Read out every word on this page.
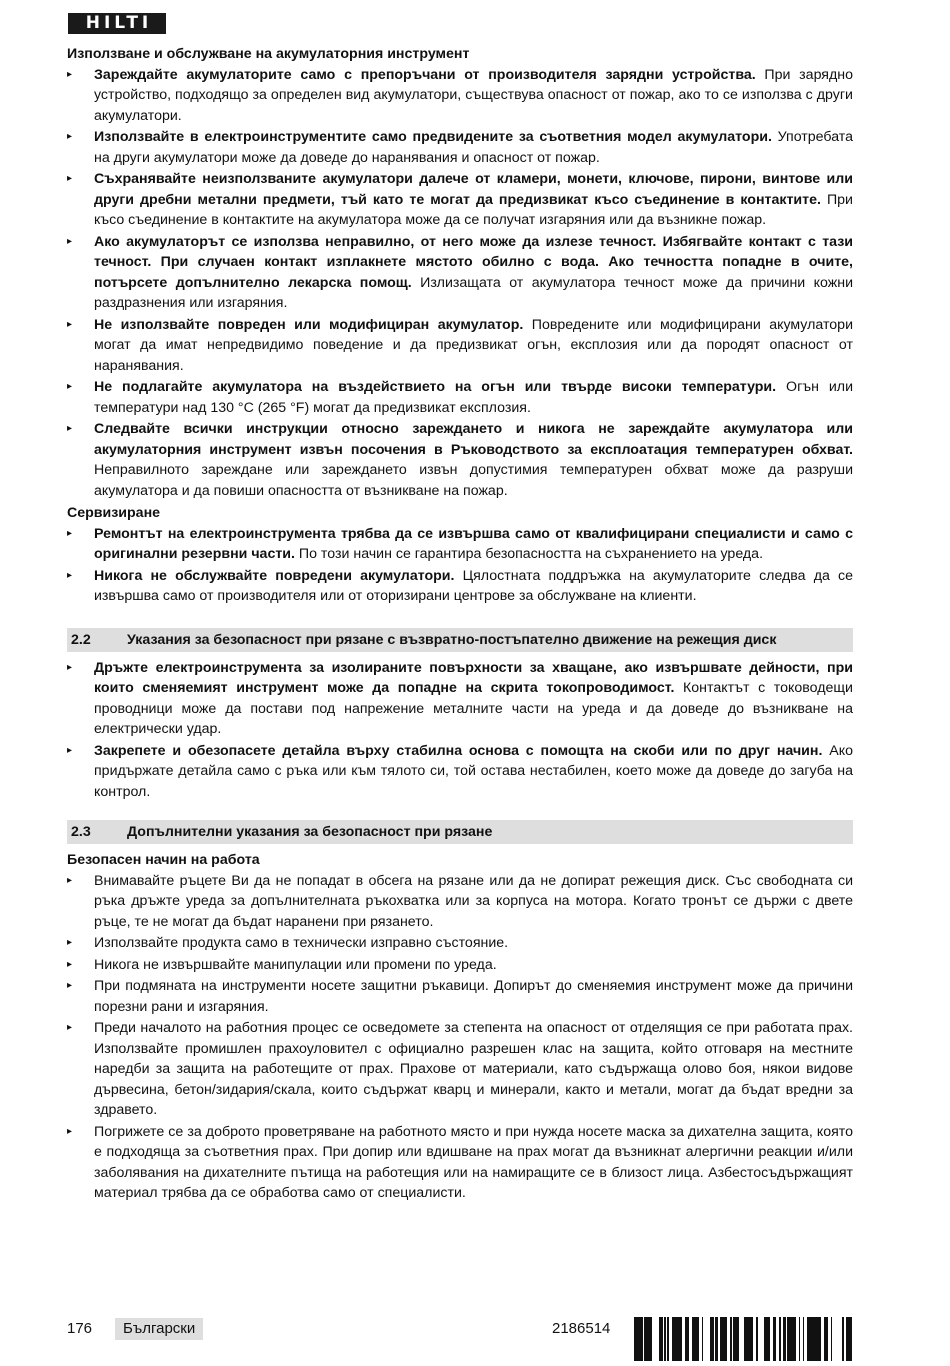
HILTI

Използване и обслужване на акумулаторния инструмент

▸ Зареждайте акумулаторите само с препоръчани от производителя зарядни устройства. При зарядно устройство, подходящо за определен вид акумулатори, съществува опасност от пожар, ако то се използва с други акумулатори.
▸ Използвайте в електроинструментите само предвидените за съответния модел акумулатори. Употребата на други акумулатори може да доведе до наранявания и опасност от пожар.
▸ Съхранявайте неизползваните акумулатори далече от кламери, монети, ключове, пирони, винтове или други дребни метални предмети, тъй като те могат да предизвикат късо съединение в контактите. При късо съединение в контактите на акумулатора може да се получат изгаряния или да възникне пожар.
▸ Ако акумулаторът се използва неправилно, от него може да излезе течност. Избягвайте контакт с тази течност. При случаен контакт изплакнете мястото обилно с вода. Ако течността попадне в очите, потърсете допълнително лекарска помощ. Излизащата от акумулатора течност може да причини кожни раздразнения или изгаряния.
▸ Не използвайте повреден или модифициран акумулатор. Повредените или модифицирани акумулатори могат да имат непредвидимо поведение и да предизвикат огън, експлозия или да породят опасност от наранявания.
▸ Не подлагайте акумулатора на въздействието на огън или твърде високи температури. Огън или температури над 130 °C (265 °F) могат да предизвикат експлозия.
▸ Следвайте всички инструкции относно зареждането и никога не зареждайте акумулатора или акумулаторния инструмент извън посочения в Ръководството за експлоатация температурен обхват. Неправилното зареждане или зареждането извън допустимия температурен обхват може да разруши акумулатора и да повиши опасността от възникване на пожар.

Сервизиране

▸ Ремонтът на електроинструмента трябва да се извършва само от квалифицирани специалисти и само с оригинални резервни части. По този начин се гарантира безопасността на съхранението на уреда.
▸ Никога не обслужвайте повредени акумулатори. Цялостната поддръжка на акумулаторите следва да се извършва само от производителя или от оторизирани центрове за обслужване на клиенти.
2.2	Указания за безопасност при рязане с възвратно-постъпателно движение на режещия диск
▸ Дръжте електроинструмента за изолираните повърхности за хващане, ако извършвате дейности, при които сменяемият инструмент може да попадне на скрита токопроводимост. Контактът с тоководещи проводници може да постави под напрежение металните части на уреда и да доведе до възникване на електрически удар.
▸ Закрепете и обезопасете детайла върху стабилна основа с помощта на скоби или по друг начин. Ако придържате детайла само с ръка или към тялото си, той остава нестабилен, което може да доведе до загуба на контрол.
2.3	Допълнителни указания за безопасност при рязане

Безопасен начин на работа

▸ Внимавайте ръцете Ви да не попадат в обсега на рязане или да не допират режещия диск. Със свободната си ръка дръжте уреда за допълнителната ръкохватка или за корпуса на мотора. Когато тронът се държи с двете ръце, те не могат да бъдат наранени при рязането.
▸ Използвайте продукта само в технически изправно състояние.
▸ Никога не извършвайте манипулации или промени по уреда.
▸ При подмяната на инструменти носете защитни ръкавици. Допирът до сменяемия инструмент може да причини порезни рани и изгаряния.
▸ Преди началото на работния процес се осведомете за степента на опасност от отделящия се при работата прах. Използвайте промишлен прахоуловител с официално разрешен клас на защита, който отговаря на местните наредби за защита на работещите от прах. Прахове от материали, като съдържаща олово боя, някои видове дървесина, бетон/зидария/скала, които съдържат кварц и минерали, както и метали, могат да бъдат вредни за здравето.
▸ Погрижете се за доброто проветряване на работното място и при нужда носете маска за дихателна защита, която е подходяща за съответния прах. При допир или вдишване на прах могат да възникнат алергични реакции и/или заболявания на дихателните пътища на работещия или на намиращите се в близост лица. Азбестосъдържащият материал трябва да се обработва само от специалисти.
176	Български	2186514
